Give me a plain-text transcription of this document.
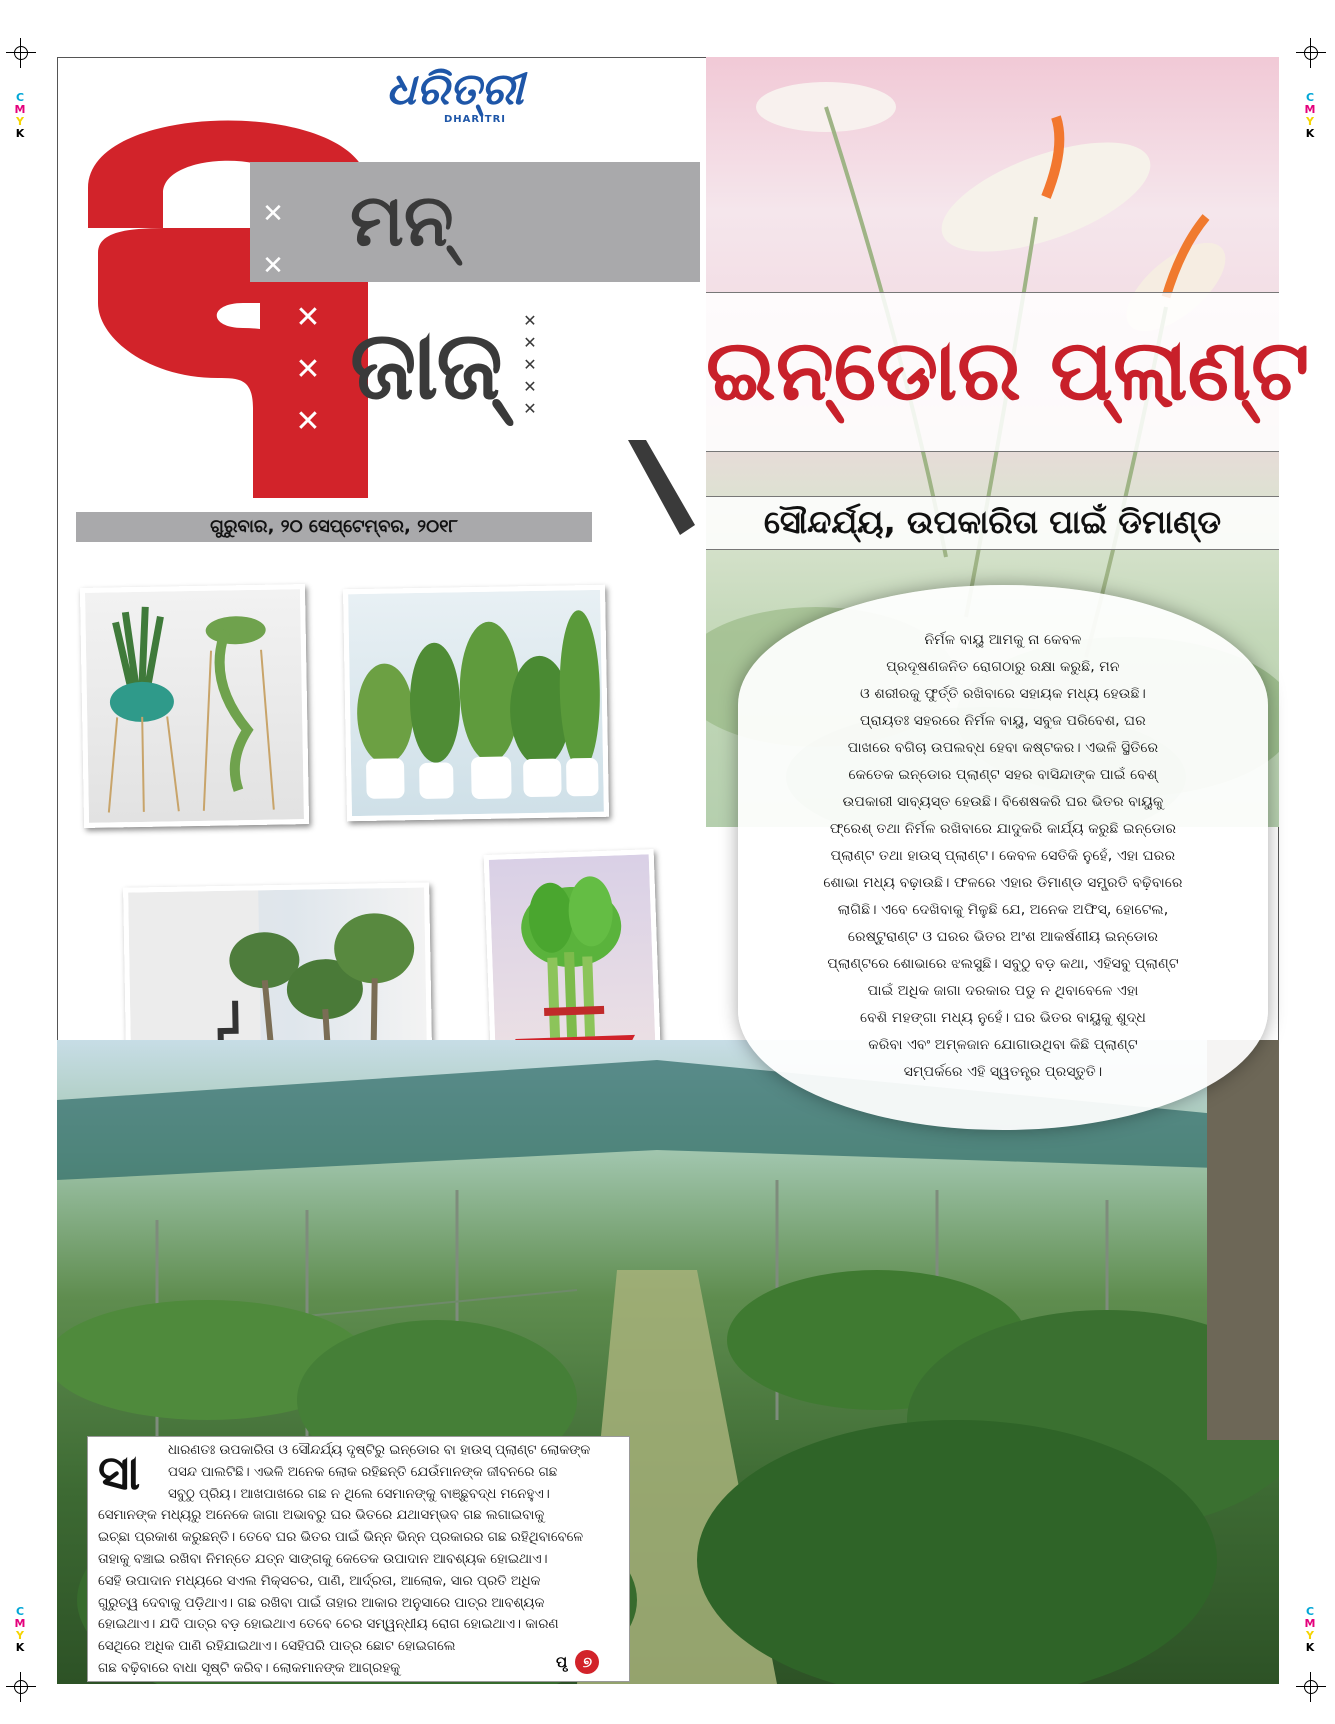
C
M
Y
K
C
M
Y
K
C
M
Y
K
C
M
Y
K
ଧରିତ୍ରୀ
DHARITRI
ମନ୍
✕
✕
✕
✕
✕
ଜାଜ୍	✕
✕
✕
✕
✕
ଗୁରୁବାର, ୨୦ ସେପ୍ଟେମ୍ବର, ୨୦୧୮
ଇନ୍‌ଡୋର ପ୍ଲାଣ୍ଟ
ସୌନ୍ଦର୍ଯ୍ୟ, ଉପକାରିତା ପାଇଁ ଡିମାଣ୍ଡ

ନିର୍ମଳ ବାୟୁ ଆମକୁ ନା କେବଳ

ପ୍ରଦୂଷଣଜନିତ ରୋଗଠାରୁ ରକ୍ଷା କରୁଛି, ମନ

ଓ ଶରୀରକୁ ଫୁର୍ତ୍ତି ରଖିବାରେ ସହାୟକ ମଧ୍ୟ ହେଉଛି।

ପ୍ରାୟତଃ ସହରରେ ନିର୍ମଳ ବାୟୁ, ସବୁଜ ପରିବେଶ, ଘର

ପାଖରେ ବଗିଚା ଉପଲବ୍ଧ ହେବା କଷ୍ଟକର। ଏଭଳି ସ୍ଥିତିରେ

କେତେକ ଇନ୍‌ଡୋର ପ୍ଲାଣ୍ଟ ସହର ବାସିନ୍ଦାଙ୍କ ପାଇଁ ବେଶ୍

ଉପକାରୀ ସାବ୍ୟସ୍ତ ହେଉଛି। ବିଶେଷକରି ଘର ଭିତର ବାୟୁକୁ

ଫ୍ରେଶ୍ ତଥା ନିର୍ମଳ ରଖିବାରେ ଯାଦୁକରି କାର୍ଯ୍ୟ କରୁଛି ଇନ୍‌ଡୋର

ପ୍ଲାଣ୍ଟ ତଥା ହାଉସ୍ ପ୍ଲାଣ୍ଟ। କେବଳ ସେତିକି ନୁହେଁ, ଏହା ଘରର

ଶୋଭା ମଧ୍ୟ ବଢ଼ାଉଛି। ଫଳରେ ଏହାର ଡିମାଣ୍ଡ ସମ୍ପ୍ରତି ବଢ଼ିବାରେ

ଲାଗିଛି। ଏବେ ଦେଖିବାକୁ ମିଳୁଛି ଯେ, ଅନେକ ଅଫିସ୍, ହୋଟେଲ,

ରେଷ୍ଟୁରାଣ୍ଟ ଓ ଘରର ଭିତର ଅଂଶ ଆକର୍ଷଣୀୟ ଇନ୍‌ଡୋର

ପ୍ଲାଣ୍ଟରେ ଶୋଭାରେ ଝଲସୁଛି। ସବୁଠୁ ବଡ଼ କଥା, ଏହିସବୁ ପ୍ଲାଣ୍ଟ

ପାଇଁ ଅଧିକ ଜାଗା ଦରକାର ପଡୁ ନ ଥିବାବେଳେ ଏହା

ବେଶି ମହଙ୍ଗା ମଧ୍ୟ ନୁହେଁ। ଘର ଭିତର ବାୟୁକୁ ଶୁଦ୍ଧ

କରିବା ଏବଂ ଅମ୍ଳଜାନ ଯୋଗାଉଥିବା କିଛି ପ୍ଲାଣ୍ଟ

ସମ୍ପର୍କରେ ଏହି ସ୍ୱତନ୍ତ୍ର ପ୍ରସ୍ତୁତି।

ସା	ଧାରଣତଃ ଉପକାରିତା ଓ ସୌନ୍ଦର୍ଯ୍ୟ ଦୃଷ୍ଟିରୁ ଇନ୍‌ଡୋର ବା ହାଉସ୍ ପ୍ଲାଣ୍ଟ ଲୋକଙ୍କ
ପସନ୍ଦ ପାଲଟିଛି। ଏଭଳି ଅନେକ ଲୋକ ରହିଛନ୍ତି ଯେଉଁମାନଙ୍କ ଜୀବନରେ ଗଛ
ସବୁଠୁ ପ୍ରିୟ। ଆଖପାଖରେ ଗଛ ନ ଥିଲେ ସେମାନଙ୍କୁ ବାଞ୍ଛୁବଦ୍ଧ ମନେହୁଏ।
ସେମାନଙ୍କ ମଧ୍ୟରୁ ଅନେକେ ଜାଗା ଅଭାବରୁ ଘର ଭିତରେ ଯଥାସମ୍ଭବ ଗଛ ଲଗାଇବାକୁ
ଇଚ୍ଛା ପ୍ରକାଶ କରୁଛନ୍ତି। ତେବେ ଘର ଭିତର ପାଇଁ ଭିନ୍ନ ଭିନ୍ନ ପ୍ରକାରର ଗଛ ରହିଥିବାବେଳେ
ତାହାକୁ ବଞ୍ଚାଇ ରଖିବା ନିମନ୍ତେ ଯତ୍ନ ସାଙ୍ଗକୁ କେତେକ ଉପାଦାନ ଆବଶ୍ୟକ ହୋଇଥାଏ।
ସେହି ଉପାଦାନ ମଧ୍ୟରେ ସଏଲ ମିକ୍ସଚର, ପାଣି, ଆର୍ଦ୍ରତା, ଆଲୋକ, ସାର ପ୍ରତି ଅଧିକ
ଗୁରୁତ୍ୱ ଦେବାକୁ ପଡ଼ିଥାଏ। ଗଛ ରଖିବା ପାଇଁ ତାହାର ଆକାର ଅନୁସାରେ ପାତ୍ର ଆବଶ୍ୟକ
ହୋଇଥାଏ। ଯଦି ପାତ୍ର ବଡ଼ ହୋଇଥାଏ ତେବେ ଚେର ସମ୍ୱନ୍ଧୀୟ ରୋଗ ହୋଇଥାଏ। କାରଣ
ସେଥିରେ ଅଧିକ ପାଣି ରହିଯାଇଥାଏ। ସେହିପରି ପାତ୍ର ଛୋଟ ହୋଇଗଲେ
ଗଛ ବଢ଼ିବାରେ ବାଧା ସୃଷ୍ଟି କରିବ। ଲୋକମାନଙ୍କ ଆଗ୍ରହକୁ	ପୃ ୭
